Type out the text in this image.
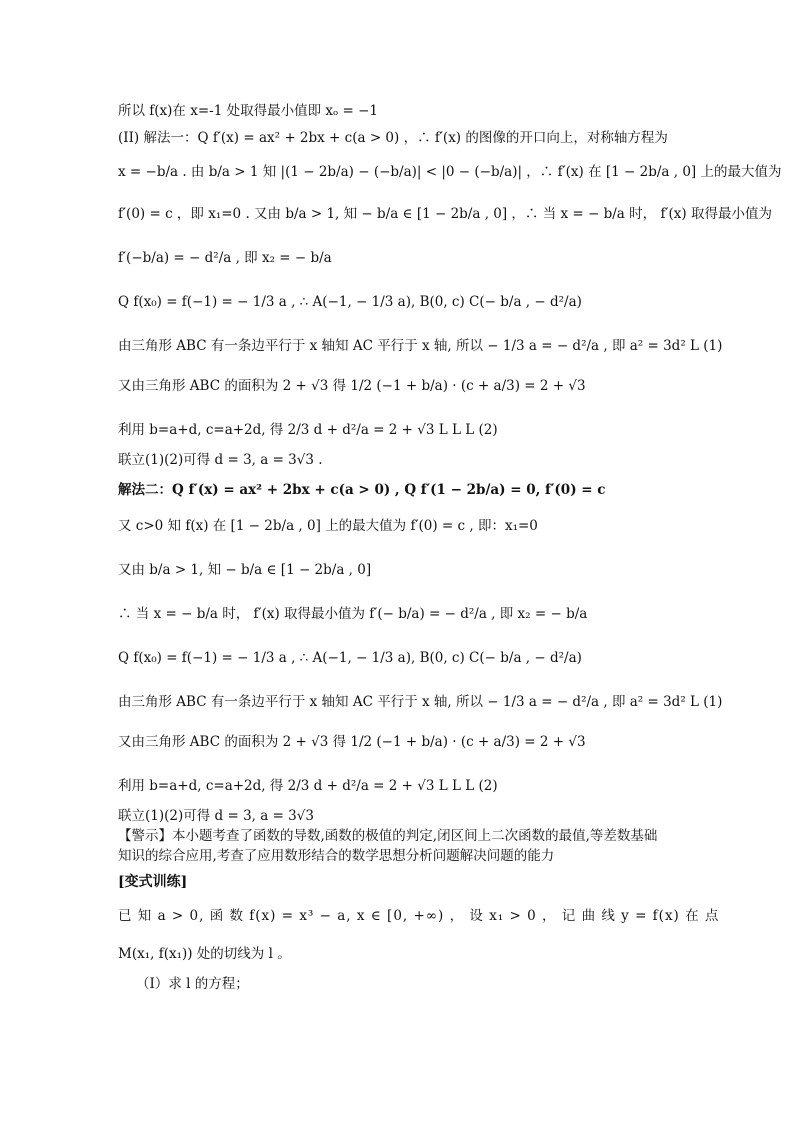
所以 f(x)在 x=-1 处取得最小值即 xₒ = −1

(II) 解法一：Q f′(x) = ax² + 2bx + c(a > 0) ，∴ f′(x) 的图像的开口向上，对称轴方程为

x = −b/a . 由 b/a > 1 知 |(1 − 2b/a) − (−b/a)| < |0 − (−b/a)| ，∴ f′(x) 在 [1 − 2b/a , 0] 上的最大值为

f′(0) = c ，即 x₁=0 . 又由 b/a > 1, 知 − b/a ∈ [1 − 2b/a , 0] ，∴ 当 x = − b/a 时， f′(x) 取得最小值为

f′(−b/a) = − d²/a , 即 x₂ = − b/a

Q f(x₀) = f(−1) = − 1/3 a , ∴ A(−1, − 1/3 a), B(0, c) C(− b/a , − d²/a)

由三角形 ABC 有一条边平行于 x 轴知 AC 平行于 x 轴, 所以 − 1/3 a = − d²/a , 即 a² = 3d² L (1)

又由三角形 ABC 的面积为 2 + √3 得 1/2 (−1 + b/a) · (c + a/3) = 2 + √3

利用 b=a+d, c=a+2d, 得 2/3 d + d²/a = 2 + √3 L L L (2)

联立(1)(2)可得 d = 3, a = 3√3 .

解法二：Q f′(x) = ax² + 2bx + c(a > 0) , Q f′(1 − 2b/a) = 0, f′(0) = c

又 c>0 知 f(x) 在 [1 − 2b/a , 0] 上的最大值为 f′(0) = c , 即：x₁=0

又由 b/a > 1, 知 − b/a ∈ [1 − 2b/a , 0]

∴ 当 x = − b/a 时， f′(x) 取得最小值为 f′(− b/a) = − d²/a , 即 x₂ = − b/a

Q f(x₀) = f(−1) = − 1/3 a , ∴ A(−1, − 1/3 a), B(0, c) C(− b/a , − d²/a)

由三角形 ABC 有一条边平行于 x 轴知 AC 平行于 x 轴, 所以 − 1/3 a = − d²/a , 即 a² = 3d² L (1)

又由三角形 ABC 的面积为 2 + √3 得 1/2 (−1 + b/a) · (c + a/3) = 2 + √3

利用 b=a+d, c=a+2d, 得 2/3 d + d²/a = 2 + √3 L L L (2)

联立(1)(2)可得 d = 3, a = 3√3

【警示】本小题考查了函数的导数,函数的极值的判定,闭区间上二次函数的最值,等差数基础

知识的综合应用,考查了应用数形结合的数学思想分析问题解决问题的能力

[变式训练]

已 知 a > 0, 函 数 f(x) = x³ − a, x ∈ [0, +∞) ， 设 x₁ > 0 ， 记 曲 线 y = f(x) 在 点

M(x₁, f(x₁)) 处的切线为 l 。

（Ⅰ）求 l 的方程；
